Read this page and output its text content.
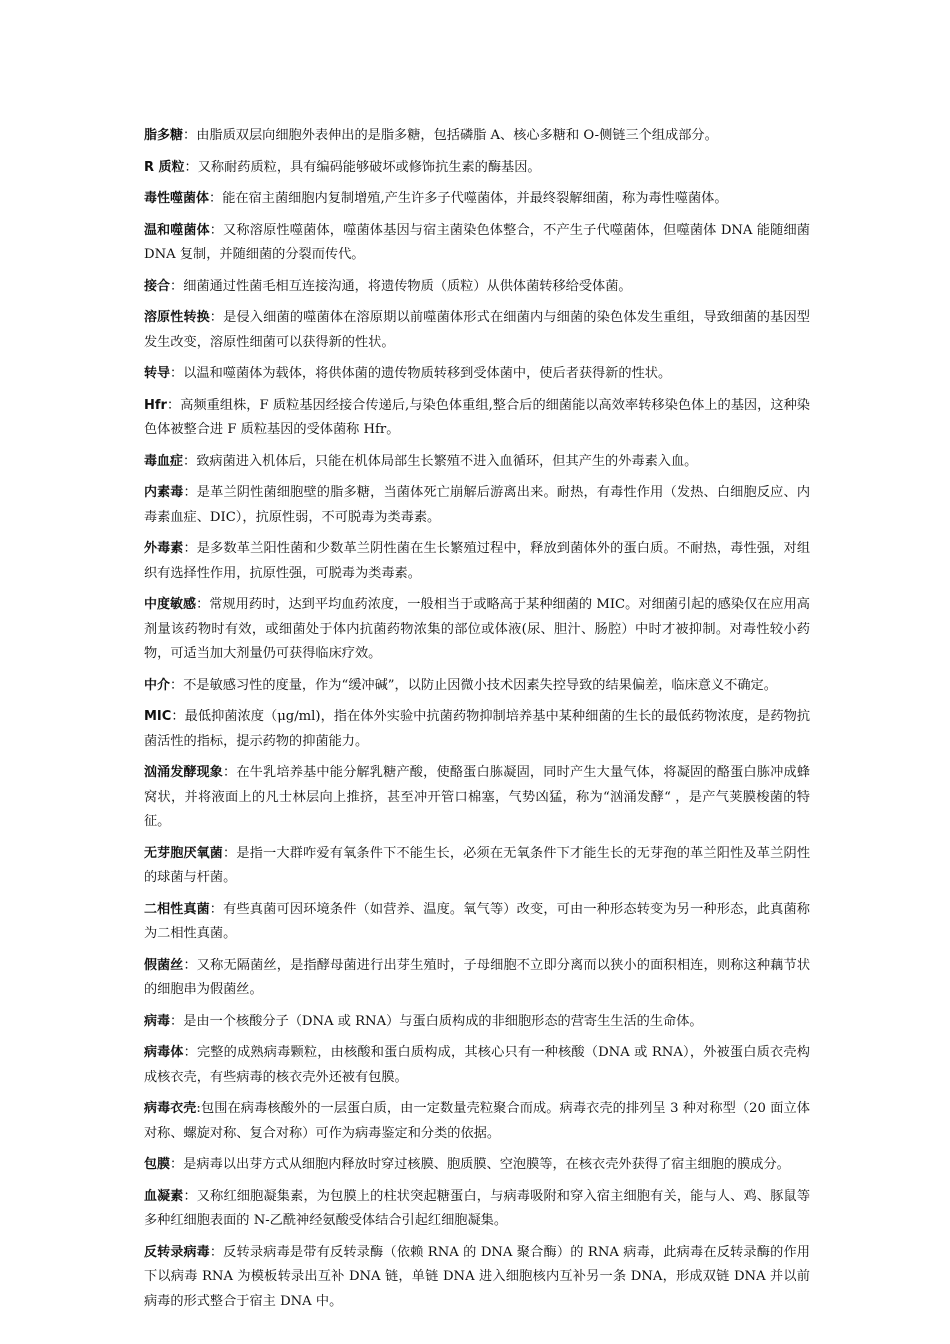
脂多糖：由脂质双层向细胞外表伸出的是脂多糖，包括磷脂 A、核心多糖和 O-侧链三个组成部分。

R 质粒：又称耐药质粒，具有编码能够破坏或修饰抗生素的酶基因。

毒性噬菌体：能在宿主菌细胞内复制增殖,产生许多子代噬菌体，并最终裂解细菌，称为毒性噬菌体。

温和噬菌体：又称溶原性噬菌体，噬菌体基因与宿主菌染色体整合，不产生子代噬菌体，但噬菌体 DNA 能随细菌 DNA 复制，并随细菌的分裂而传代。

接合：细菌通过性菌毛相互连接沟通，将遗传物质（质粒）从供体菌转移给受体菌。

溶原性转换：是侵入细菌的噬菌体在溶原期以前噬菌体形式在细菌内与细菌的染色体发生重组，导致细菌的基因型发生改变，溶原性细菌可以获得新的性状。

转导：以温和噬菌体为载体，将供体菌的遗传物质转移到受体菌中，使后者获得新的性状。

Hfr：高频重组株，F 质粒基因经接合传递后,与染色体重组,整合后的细菌能以高效率转移染色体上的基因，这种染色体被整合进 F 质粒基因的受体菌称 Hfr。

毒血症：致病菌进入机体后，只能在机体局部生长繁殖不进入血循环，但其产生的外毒素入血。

内素毒：是革兰阴性菌细胞壁的脂多糖，当菌体死亡崩解后游离出来。耐热，有毒性作用（发热、白细胞反应、内毒素血症、DIC），抗原性弱，不可脱毒为类毒素。

外毒素：是多数革兰阳性菌和少数革兰阴性菌在生长繁殖过程中，释放到菌体外的蛋白质。不耐热，毒性强，对组织有选择性作用，抗原性强，可脱毒为类毒素。

中度敏感：常规用药时，达到平均血药浓度，一般相当于或略高于某种细菌的 MIC。对细菌引起的感染仅在应用高剂量该药物时有效，或细菌处于体内抗菌药物浓集的部位或体液(尿、胆汁、肠腔）中时才被抑制。对毒性较小药物，可适当加大剂量仍可获得临床疗效。

中介：不是敏感习性的度量，作为“缓冲碱”，以防止因微小技术因素失控导致的结果偏差，临床意义不确定。

MIC：最低抑菌浓度（μg/ml)，指在体外实验中抗菌药物抑制培养基中某种细菌的生长的最低药物浓度，是药物抗菌活性的指标，提示药物的抑菌能力。

汹涌发酵现象：在牛乳培养基中能分解乳糖产酸，使酪蛋白胨凝固，同时产生大量气体，将凝固的酪蛋白胨冲成蜂窝状，并将液面上的凡士林层向上推挤，甚至冲开管口棉塞，气势凶猛，称为“汹涌发酵“ ，是产气荚膜梭菌的特征。

无芽胞厌氧菌：是指一大群咋爱有氧条件下不能生长，必须在无氧条件下才能生长的无芽孢的革兰阳性及革兰阴性的球菌与杆菌。

二相性真菌：有些真菌可因环境条件（如营养、温度。氧气等）改变，可由一种形态转变为另一种形态，此真菌称为二相性真菌。

假菌丝：又称无隔菌丝，是指酵母菌进行出芽生殖时，子母细胞不立即分离而以狭小的面积相连，则称这种藕节状的细胞串为假菌丝。

病毒：是由一个核酸分子（DNA 或 RNA）与蛋白质构成的非细胞形态的营寄生生活的生命体。

病毒体：完整的成熟病毒颗粒，由核酸和蛋白质构成，其核心只有一种核酸（DNA 或 RNA），外被蛋白质衣壳构成核衣壳，有些病毒的核衣壳外还被有包膜。

病毒衣壳:包围在病毒核酸外的一层蛋白质，由一定数量壳粒聚合而成。病毒衣壳的排列呈 3 种对称型（20 面立体对称、螺旋对称、复合对称）可作为病毒鉴定和分类的依据。

包膜：是病毒以出芽方式从细胞内释放时穿过核膜、胞质膜、空泡膜等，在核衣壳外获得了宿主细胞的膜成分。

血凝素：又称红细胞凝集素，为包膜上的柱状突起糖蛋白，与病毒吸附和穿入宿主细胞有关，能与人、鸡、豚鼠等多种红细胞表面的 N-乙酰神经氨酸受体结合引起红细胞凝集。

反转录病毒：反转录病毒是带有反转录酶（依赖 RNA 的 DNA 聚合酶）的 RNA 病毒，此病毒在反转录酶的作用下以病毒 RNA 为模板转录出互补 DNA 链，单链 DNA 进入细胞核内互补另一条 DNA，形成双链 DNA 并以前病毒的形式整合于宿主 DNA 中。
